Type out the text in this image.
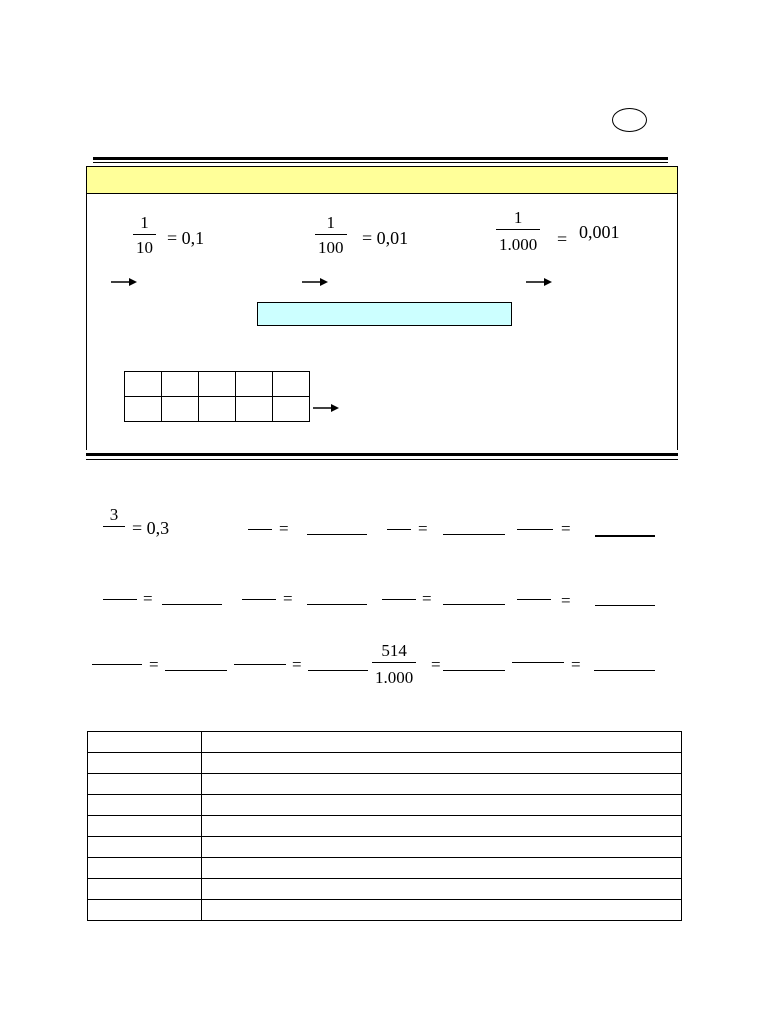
1
10 = 0,1
1
100 = 0,01
1
1.000 = 0,001

3
= 0,3	=	=	=
=	=	=	=
=	=
514
1.000
=	=
